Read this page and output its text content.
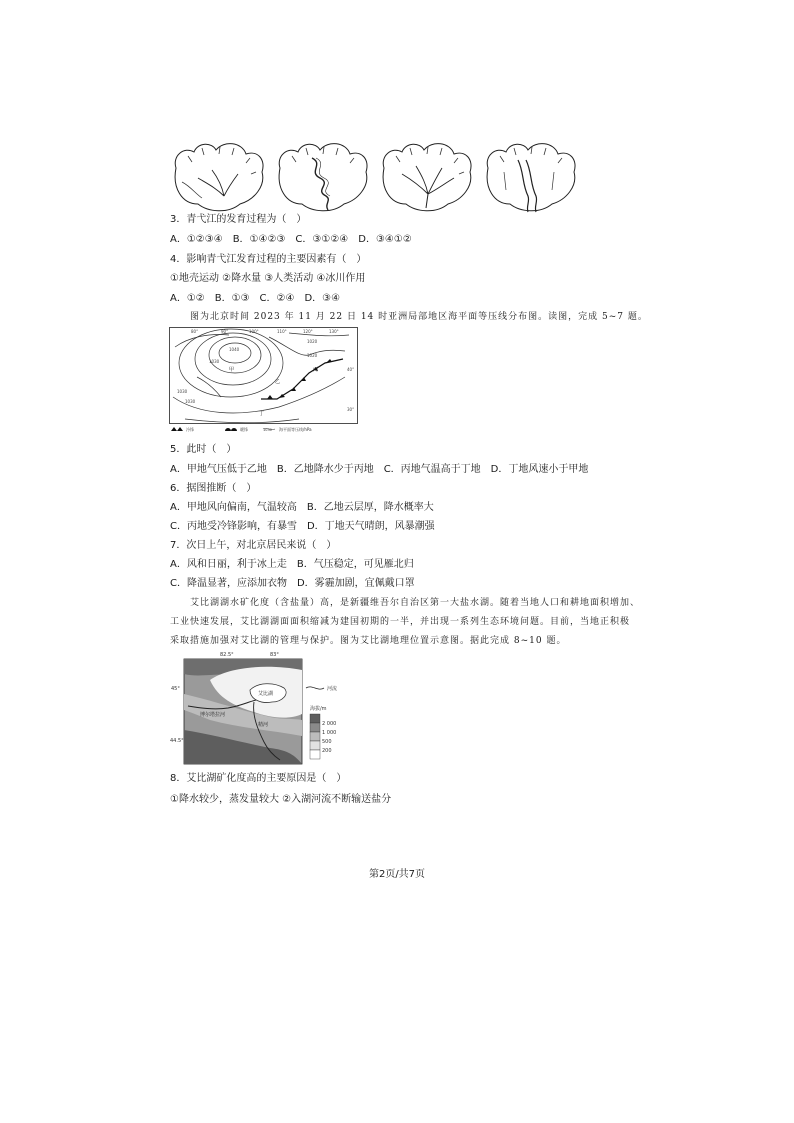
3．青弋江的发育过程为（　）
A．①②③④　B．①④②③　C．③①②④　D．③④①②
4．影响青弋江发育过程的主要因素有（　）
①地壳运动 ②降水量 ③人类活动 ④冰川作用
A．①②　B．①③　C．②④　D．③④
图为北京时间 2023 年 11 月 22 日 14 时亚洲局部地区海平面等压线分布图。读图，完成 5~7 题。
80°	90°	100°	110°	120°	130°
40°
30°
1040
1030
1030
1020
1020
1030
甲
乙
丁
冷锋	暖锋	1030 海平面等压线/hPa
5．此时（　）
A．甲地气压低于乙地　B．乙地降水少于丙地　C．丙地气温高于丁地　D．丁地风速小于甲地
6．据图推断（　）
A．甲地风向偏南，气温较高　B．乙地云层厚，降水概率大
C．丙地受冷锋影响，有暴雪　D．丁地天气晴朗，风暴潮强
7．次日上午，对北京居民来说（　）
A．风和日丽，利于冰上走　B．气压稳定，可见雁北归
C．降温显著，应添加衣物　D．雾霾加剧，宜佩戴口罩
艾比湖湖水矿化度（含盐量）高，是新疆维吾尔自治区第一大盐水湖。随着当地人口和耕地面积增加、
工业快速发展，艾比湖湖面面积缩减为建国初期的一半，并出现一系列生态环境问题。目前，当地正积极
采取措施加强对艾比湖的管理与保护。图为艾比湖地理位置示意图。据此完成 8~10 题。
82.5°	83°
45°
44.5°
艾比湖
博尔塔拉河
精河
河流
海拔/m
2 000
1 000
500
200
8．艾比湖矿化度高的主要原因是（　）
①降水较少，蒸发量较大 ②入湖河流不断输送盐分
第2页/共7页
